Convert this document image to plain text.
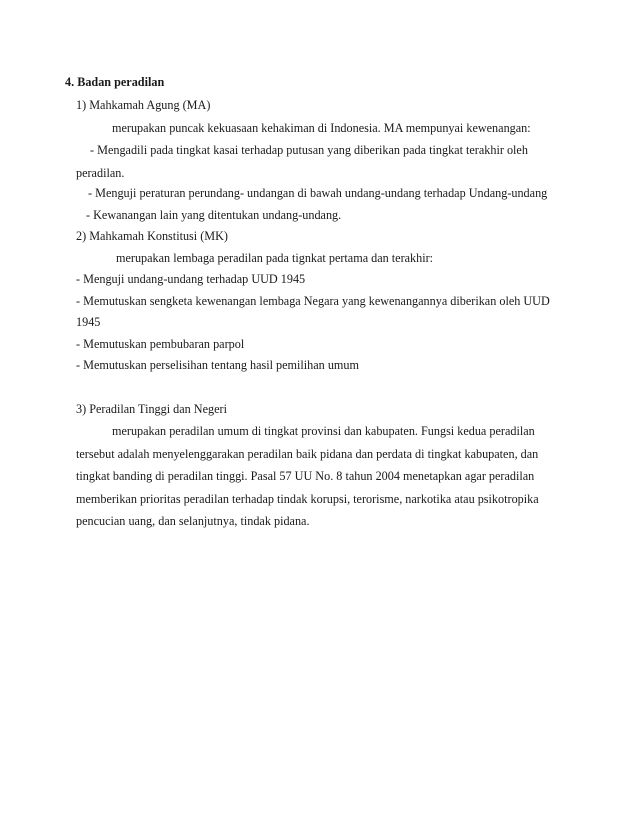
4. Badan peradilan
1) Mahkamah Agung (MA)
merupakan puncak kekuasaan kehakiman di Indonesia. MA mempunyai kewenangan:
- Mengadili pada tingkat kasai terhadap putusan yang diberikan pada tingkat terakhir oleh
peradilan.
- Menguji peraturan perundang- undangan di bawah undang-undang terhadap Undang-undang
- Kewanangan lain yang ditentukan undang-undang.
2) Mahkamah Konstitusi (MK)
merupakan lembaga peradilan pada tignkat pertama dan terakhir:
- Menguji undang-undang terhadap UUD 1945
- Memutuskan sengketa kewenangan lembaga Negara yang kewenangannya diberikan oleh UUD
1945
- Memutuskan pembubaran parpol
- Memutuskan perselisihan tentang hasil pemilihan umum
3) Peradilan Tinggi dan Negeri
merupakan peradilan umum di tingkat provinsi dan kabupaten. Fungsi kedua peradilan
tersebut adalah menyelenggarakan peradilan baik pidana dan perdata di tingkat kabupaten, dan
tingkat banding di peradilan tinggi. Pasal 57 UU No. 8 tahun 2004 menetapkan agar peradilan
memberikan prioritas peradilan terhadap tindak korupsi, terorisme, narkotika atau psikotropika
pencucian uang, dan selanjutnya, tindak pidana.
